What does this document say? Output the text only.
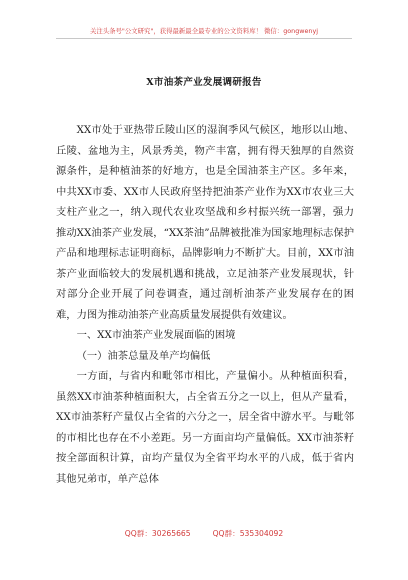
关注头条号"公文研究"，获得最新最全最专业的公文资料库！ 微信：gongwenyj
X市油茶产业发展调研报告

XX市处于亚热带丘陵山区的湿润季风气候区，地形以山地、丘陵、盆地为主，风景秀美，物产丰富，拥有得天独厚的自然资源条件，是种植油茶的好地方，也是全国油茶主产区。多年来，中共XX市委、XX市人民政府坚持把油茶产业作为XX市农业三大支柱产业之一，纳入现代农业攻坚战和乡村振兴统一部署，强力推动XX油茶产业发展，“XX茶油”品牌被批准为国家地理标志保护产品和地理标志证明商标，品牌影响力不断扩大。目前，XX市油茶产业面临较大的发展机遇和挑战，立足油茶产业发展现状，针对部分企业开展了问卷调查，通过剖析油茶产业发展存在的困难，力图为推动油茶产业高质量发展提供有效建议。

一、XX市油茶产业发展面临的困境

（一）油茶总量及单产均偏低

一方面，与省内和毗邻市相比，产量偏小。从种植面积看，虽然XX市油茶种植面积大，占全省五分之一以上，但从产量看，XX市油茶籽产量仅占全省的六分之一，居全省中游水平。与毗邻的市相比也存在不小差距。另一方面亩均产量偏低。XX市油茶籽按全部面积计算，亩均产量仅为全省平均水平的八成，低于省内其他兄弟市，单产总体

QQ群：30265665	QQ群：535304092
